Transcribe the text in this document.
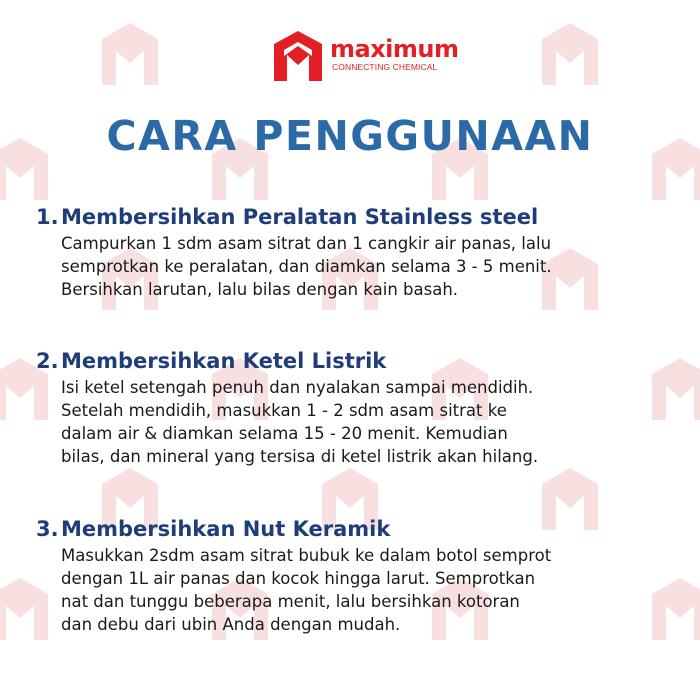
maximum
CONNECTING CHEMICAL
CARA PENGGUNAAN
1. Membersihkan Peralatan Stainless steel
Campurkan 1 sdm asam sitrat dan 1 cangkir air panas, lalu
semprotkan ke peralatan, dan diamkan selama 3 - 5 menit.
Bersihkan larutan, lalu bilas dengan kain basah.
2. Membersihkan Ketel Listrik
Isi ketel setengah penuh dan nyalakan sampai mendidih.
Setelah mendidih, masukkan 1 - 2 sdm asam sitrat ke
dalam air & diamkan selama 15 - 20 menit. Kemudian
bilas, dan mineral yang tersisa di ketel listrik akan hilang.
3. Membersihkan Nut Keramik
Masukkan 2sdm asam sitrat bubuk ke dalam botol semprot
dengan 1L air panas dan kocok hingga larut. Semprotkan
nat dan tunggu beberapa menit, lalu bersihkan kotoran
dan debu dari ubin Anda dengan mudah.
